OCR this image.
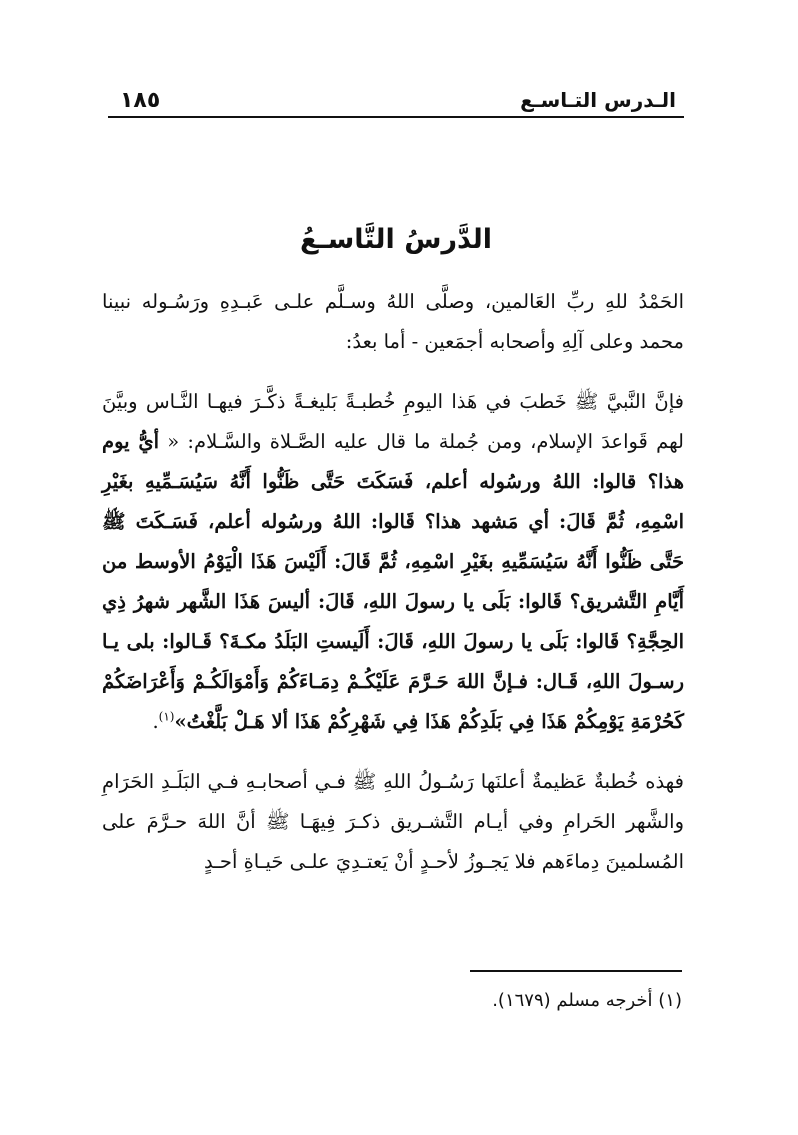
١٨٥	الـدرس التـاسـع
الدَّرسُ التَّاسـعُ

الحَمْدُ للهِ ربِّ العَالمين، وصلَّى اللهُ وسـلَّم علـى عَبـدِهِ ورَسُـوله نبينا محمد وعلى آلِهِ وأصحابه أجمَعين - أما بعدُ:

فإنَّ النَّبيَّ ﷺ خَطبَ في هَذا اليومِ خُطبـةً بَليغـةً ذكَّـرَ فيهـا النَّـاس وبيَّنَ لهم قَواعدَ الإسلام، ومن جُملة ما قال عليه الصَّـلاة والسَّـلام: « أيُّ يوم هذا؟ قالوا: اللهُ ورسُوله أعلم، فَسَكَتَ حَتَّى ظَنُّوا أَنَّهُ سَيُسَـمِّيهِ بغَيْرِ اسْمِهِ، ثُمَّ قَالَ: أي مَشهد هذا؟ قَالوا: اللهُ ورسُوله أعلم، فَسَـكَتَ ﷺ حَتَّى ظَنُّوا أَنَّهُ سَيُسَمِّيهِ بغَيْرِ اسْمِهِ، ثُمَّ قَالَ: أَلَيْسَ هَذَا الْيَوْمُ الأوسط من أَيَّامِ التَّشريق؟ قَالوا: بَلَى يا رسولَ اللهِ، قَالَ: أليسَ هَذَا الشَّهر شهرُ ذِي الحِجَّةِ؟ قَالوا: بَلَى يا رسولَ اللهِ، قَالَ: أَلَيستِ البَلَدُ مكـةَ؟ قَـالوا: بلى يـا رسـولَ اللهِ، قَـال: فـإنَّ اللهَ حَـرَّمَ عَلَيْكُـمْ دِمَـاءَكُمْ وَأَمْوَالَكُـمْ وَأَعْرَاضَكُمْ كَحُرْمَةِ يَوْمِكُمْ هَذَا فِي بَلَدِكُمْ هَذَا فِي شَهْرِكُمْ هَذَا ألا هَـلْ بَلَّغْتُ»$^{(١)}$.

فهذه خُطبةٌ عَظيمةٌ أعلنَها رَسُـولُ اللهِ ﷺ فـي أصحابـهِ فـي البَلَـدِ الحَرَامِ والشَّهر الحَرامِ وفي أيـام التَّشـريق ذكـرَ فِيهَـا ﷺ أنَّ اللهَ حـرَّمَ على المُسلمينَ دِماءَهم فلا يَجـوزُ لأحـدٍ أنْ يَعتـدِيَ علـى حَيـاةِ أحـدٍ

(١) أخرجه مسلم (١٦٧٩).
